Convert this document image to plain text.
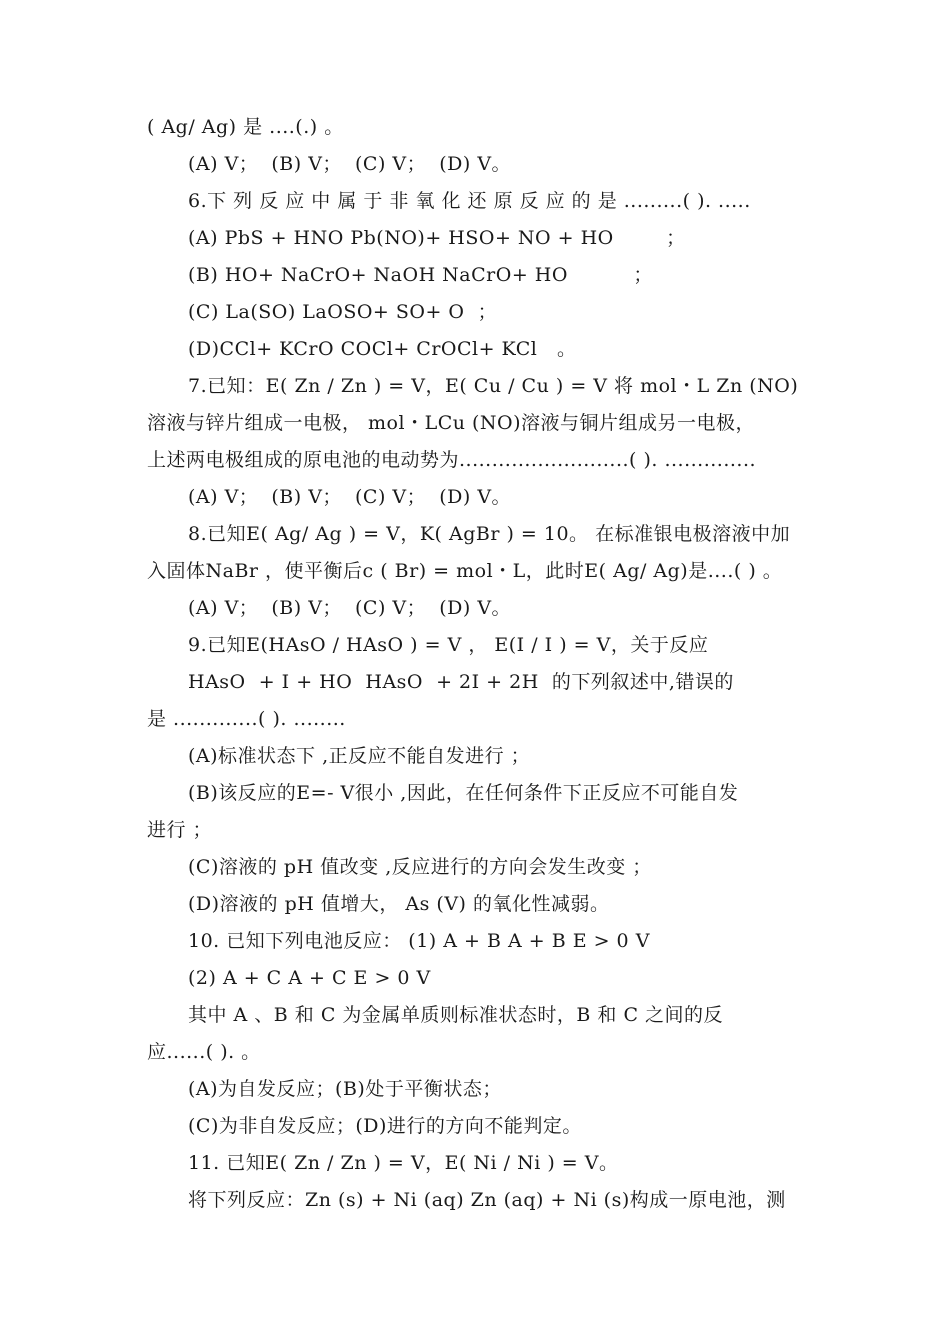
( Ag/ Ag) 是 ....(.) 。
(A) V；  (B) V；  (C) V；  (D) V。
6.下 列 反 应 中 属 于 非 氧 化 还 原 反 应 的 是 .........( ). .....
(A) PbS + HNO Pb(NO)+ HSO+ NO + HO        ；
(B) HO+ NaCrO+ NaOH NaCrO+ HO          ；
(C) La(SO) LaOSO+ SO+ O  ；
(D)CCl+ KCrO COCl+ CrOCl+ KCl   。
7.已知：E( Zn / Zn ) = V，E( Cu / Cu ) = V 将 mol・L Zn (NO)
溶液与锌片组成一电极， mol・LCu (NO)溶液与铜片组成另一电极，
上述两电极组成的原电池的电动势为..........................( ). ..............
(A) V；  (B) V；  (C) V；  (D) V。
8.已知E( Ag/ Ag ) = V，K( AgBr ) = 10。 在标准银电极溶液中加
入固体NaBr ，使平衡后c ( Br) = mol・L，此时E( Ag/ Ag)是....( ) 。
(A) V；  (B) V；  (C) V；  (D) V。
9.已知E(HAsO / HAsO ) = V ， E(I / I ) = V，关于反应
HAsO  + I + HO  HAsO  + 2I + 2H  的下列叙述中,错误的
是 .............( ). ........
(A)标准状态下 ,正反应不能自发进行 ；
(B)该反应的E=- V很小 ,因此，在任何条件下正反应不可能自发
进行 ；
(C)溶液的 pH 值改变 ,反应进行的方向会发生改变 ；
(D)溶液的 pH 值增大， As (V) 的氧化性减弱。
10. 已知下列电池反应： (1) A + B A + B E > 0 V
(2) A + C A + C E > 0 V
其中 A 、B 和 C 为金属单质则标准状态时，B 和 C 之间的反
应......( ). 。
(A)为自发反应；(B)处于平衡状态；
(C)为非自发反应；(D)进行的方向不能判定。
11. 已知E( Zn / Zn ) = V，E( Ni / Ni ) = V。
将下列反应：Zn (s) + Ni (aq) Zn (aq) + Ni (s)构成一原电池，测
